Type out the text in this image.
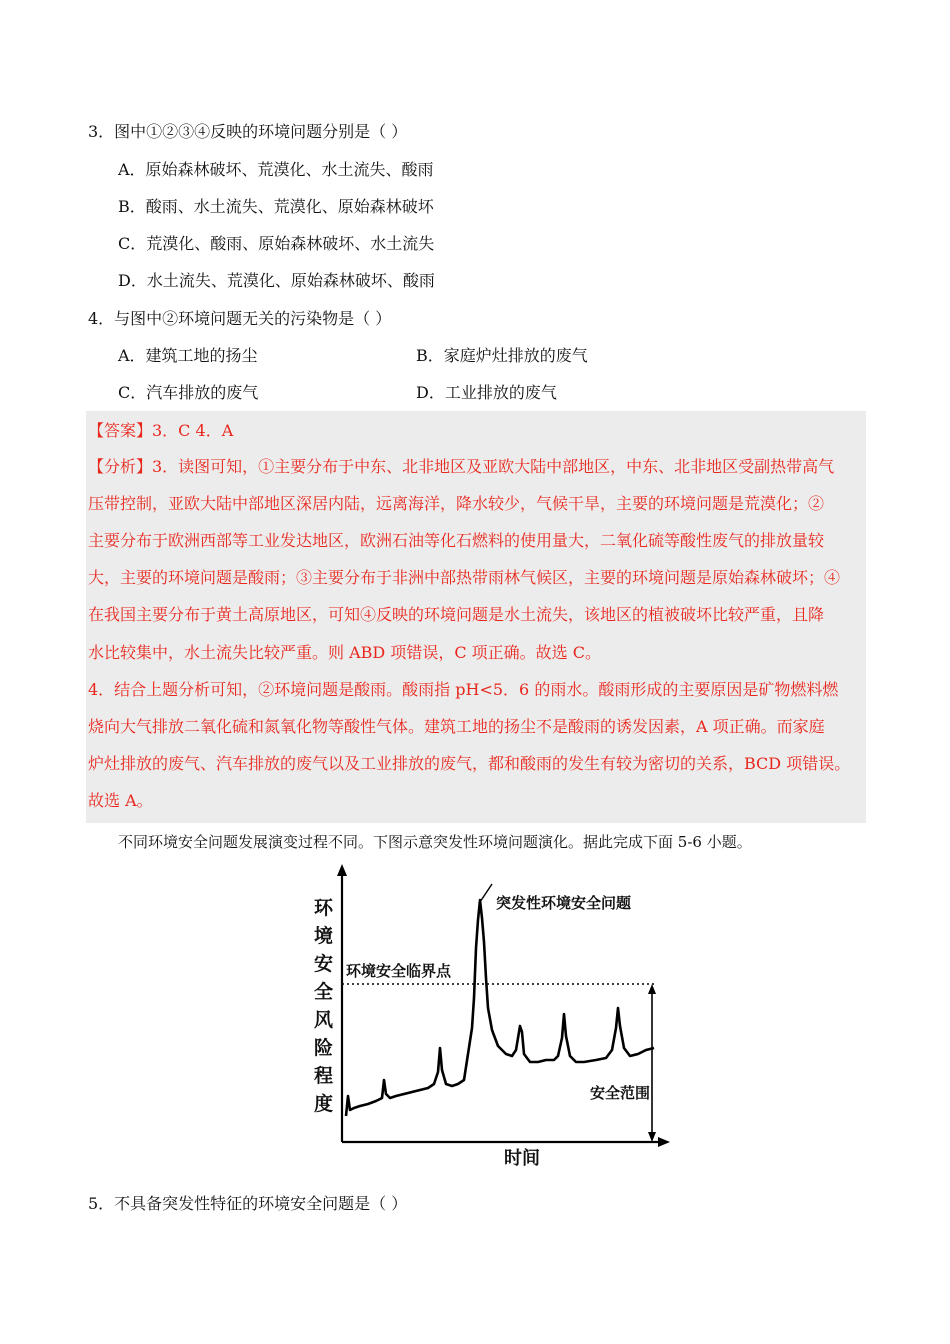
3．图中①②③④反映的环境问题分别是（ ）
A．原始森林破坏、荒漠化、水土流失、酸雨
B．酸雨、水土流失、荒漠化、原始森林破坏
C．荒漠化、酸雨、原始森林破坏、水土流失
D．水土流失、荒漠化、原始森林破坏、酸雨
4．与图中②环境问题无关的污染物是（ ）
A．建筑工地的扬尘	B．家庭炉灶排放的废气
C．汽车排放的废气	D．工业排放的废气
【答案】3．C 4．A
【分析】3．读图可知，①主要分布于中东、北非地区及亚欧大陆中部地区，中东、北非地区受副热带高气
压带控制，亚欧大陆中部地区深居内陆，远离海洋，降水较少，气候干旱，主要的环境问题是荒漠化；②
主要分布于欧洲西部等工业发达地区，欧洲石油等化石燃料的使用量大，二氧化硫等酸性废气的排放量较
大，主要的环境问题是酸雨；③主要分布于非洲中部热带雨林气候区，主要的环境问题是原始森林破坏；④
在我国主要分布于黄土高原地区，可知④反映的环境问题是水土流失，该地区的植被破坏比较严重，且降
水比较集中，水土流失比较严重。则 ABD 项错误，C 项正确。故选 C。
4．结合上题分析可知，②环境问题是酸雨。酸雨指 pH<5．6 的雨水。酸雨形成的主要原因是矿物燃料燃
烧向大气排放二氧化硫和氮氧化物等酸性气体。建筑工地的扬尘不是酸雨的诱发因素，A 项正确。而家庭
炉灶排放的废气、汽车排放的废气以及工业排放的废气，都和酸雨的发生有较为密切的关系，BCD 项错误。
故选 A。
不同环境安全问题发展演变过程不同。下图示意突发性环境问题演化。据此完成下面 5-6 小题。
环
境
安
全
风
险
程
度
环境安全临界点
安全范围
突发性环境安全问题
时间
5．不具备突发性特征的环境安全问题是（ ）
